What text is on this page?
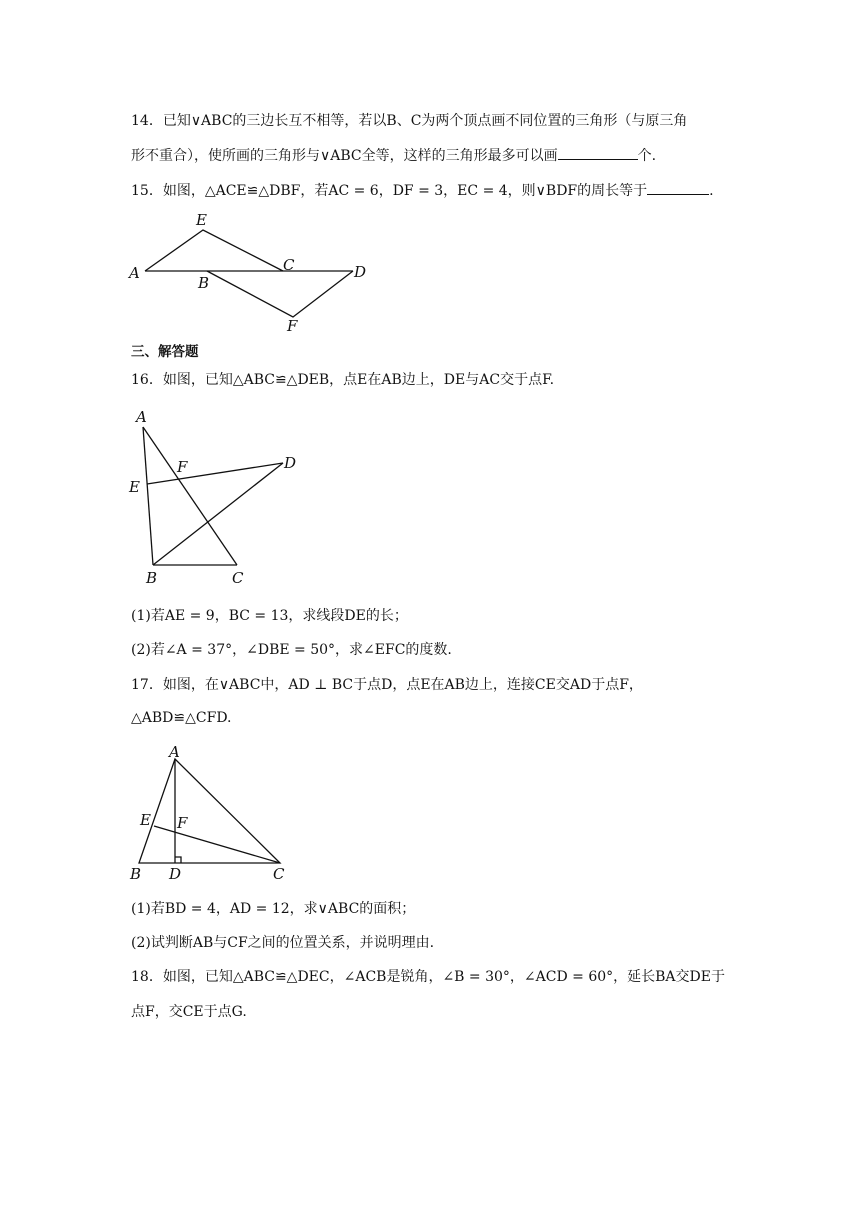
14．已知∨ABC的三边长互不相等，若以B、C为两个顶点画不同位置的三角形（与原三角
形不重合），使所画的三角形与∨ABC全等，这样的三角形最多可以画	个.
15．如图，△ACE≌△DBF，若AC = 6，DF = 3，EC = 4，则∨BDF的周长等于	.
A
E
B
C	D
F
三、解答题
16．如图，已知△ABC≌△DEB，点E在AB边上，DE与AC交于点F.
A
F	D
E
B	C
(1)若AE = 9，BC = 13，求线段DE的长；
(2)若∠A = 37°，∠DBE = 50°，求∠EFC的度数.
17．如图，在∨ABC中，AD ⊥ BC于点D，点E在AB边上，连接CE交AD于点F，
△ABD≌△CFD.
A
E F
B D	C
(1)若BD = 4，AD = 12，求∨ABC的面积；
(2)试判断AB与CF之间的位置关系，并说明理由.
18．如图，已知△ABC≌△DEC，∠ACB是锐角，∠B = 30°，∠ACD = 60°，延长BA交DE于
点F，交CE于点G.
